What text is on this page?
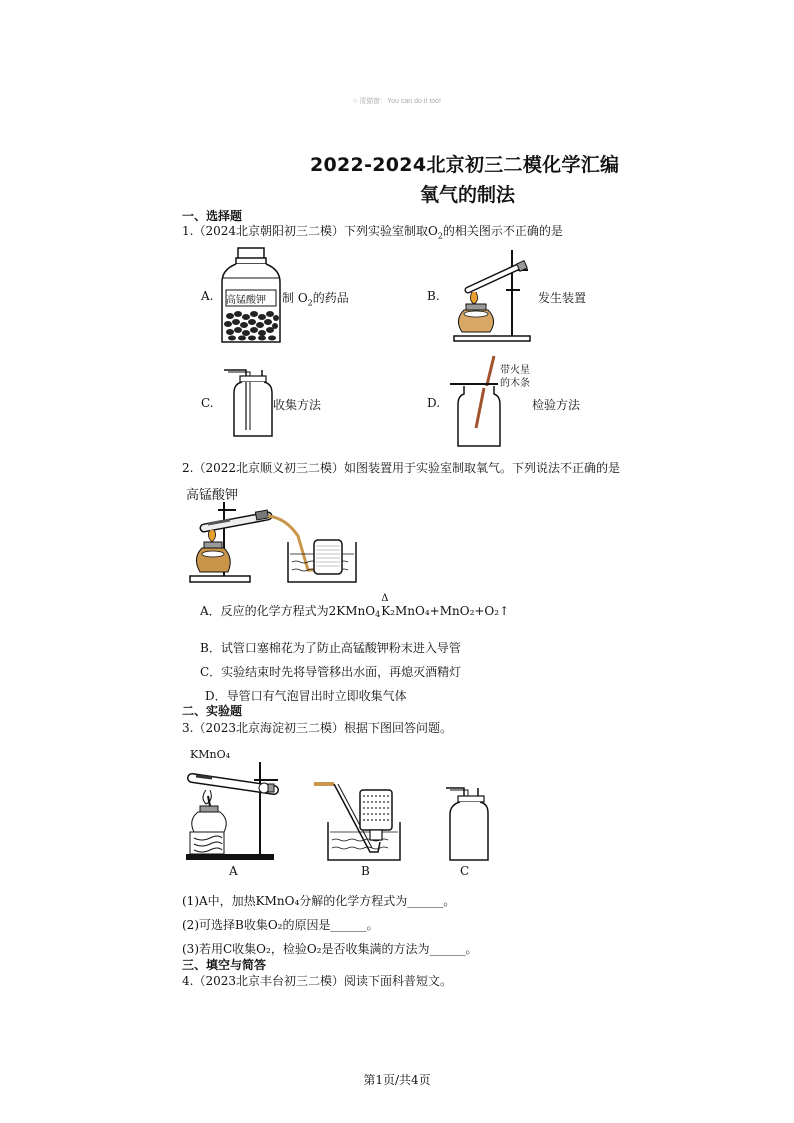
○ 清猫窗：You can do it too!
2022-2024北京初三二模化学汇编
氧气的制法
一、选择题
1.（2024北京朝阳初三二模）下列实验室制取$O_2$的相关图示不正确的是
A. 高锰酸钾 制 $O_2$的药品	B.	发生装置
C.	收集方法	D.
带火星
的木条
检验方法
2.（2022北京顺义初三二模）如图装置用于实验室制取氧气。下列说法不正确的是
高锰酸钾
A．反应的化学方程式为2KMnO4
Δ
K₂MnO₄+MnO₂+O₂↑
B．试管口塞棉花为了防止高锰酸钾粉末进入导管
C．实验结束时先将导管移出水面，再熄灭酒精灯
D．导管口有气泡冒出时立即收集气体
二、实验题
3.（2023北京海淀初三二模）根据下图回答问题。
KMnO₄
A	B	C
(1)A中，加热KMnO₄分解的化学方程式为______。
(2)可选择B收集O₂的原因是______。
(3)若用C收集O₂，检验O₂是否收集满的方法为______。
三、填空与简答
4.（2023北京丰台初三二模）阅读下面科普短文。
第1页/共4页
